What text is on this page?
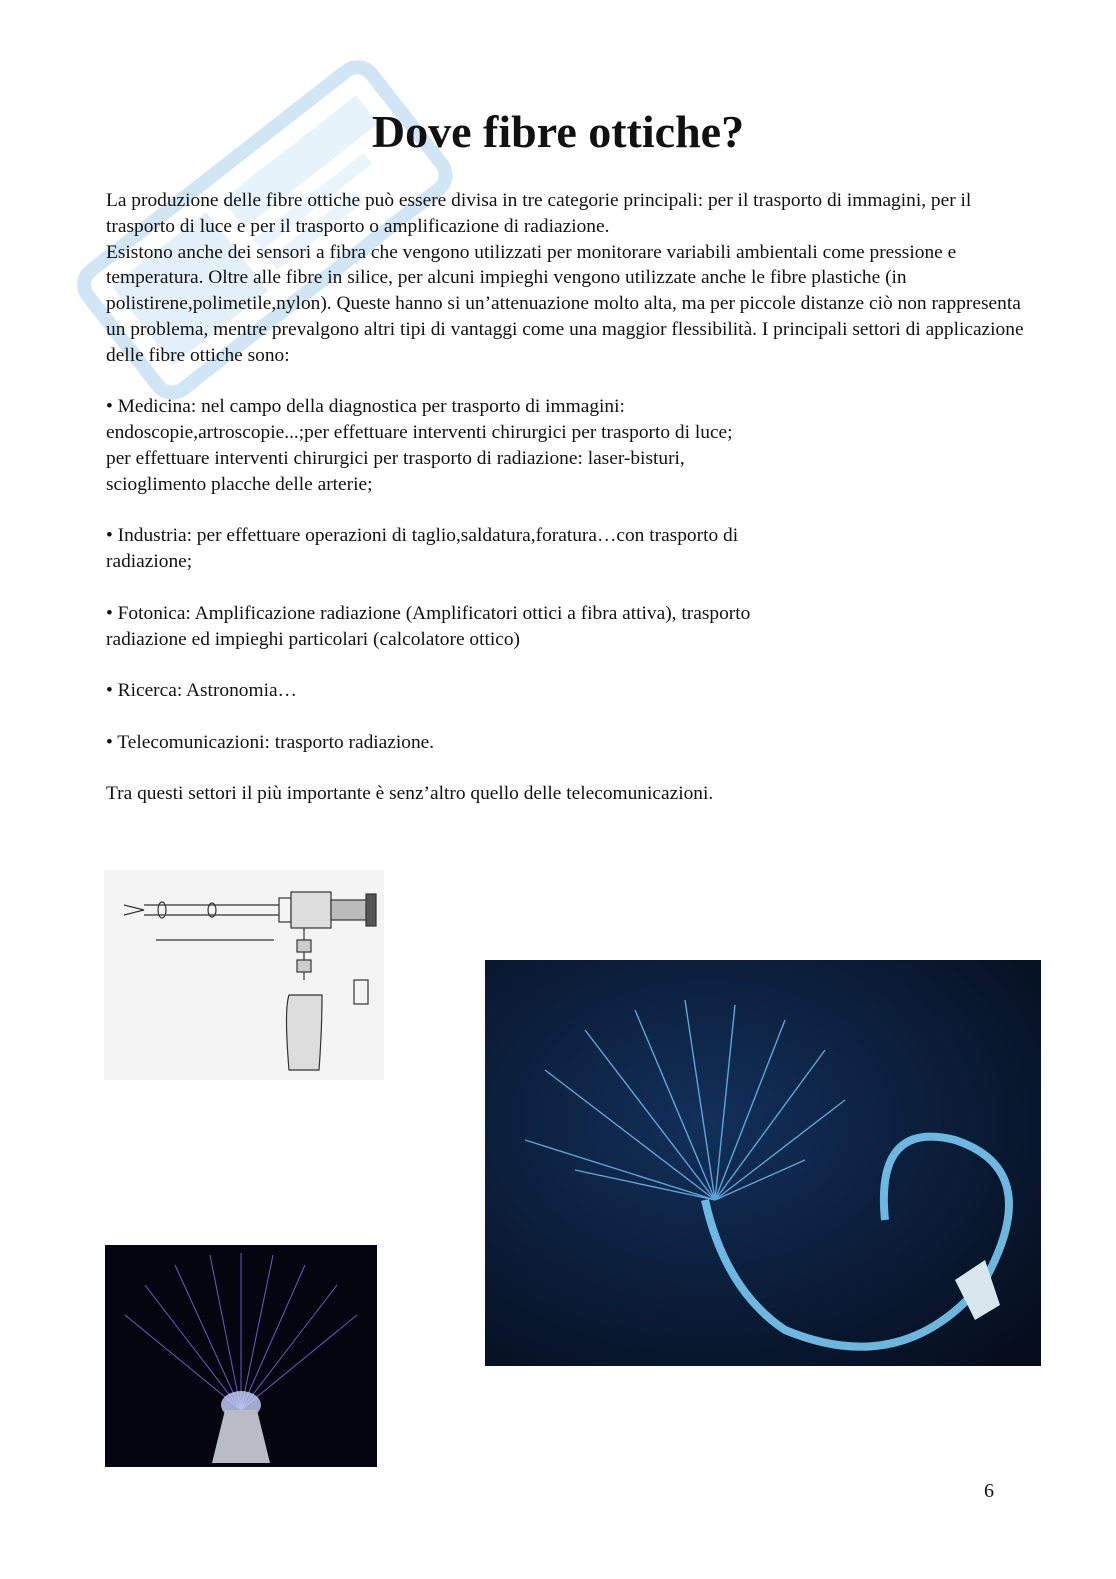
Dove fibre ottiche?

La produzione delle fibre ottiche può essere divisa in tre categorie principali: per il trasporto di immagini, per il trasporto di luce e per il trasporto o amplificazione di radiazione.
Esistono anche dei sensori a fibra che vengono utilizzati per monitorare variabili ambientali come pressione e temperatura. Oltre alle fibre in silice, per alcuni impieghi vengono utilizzate anche le fibre plastiche (in polistirene,polimetile,nylon). Queste hanno si un’attenuazione molto alta, ma per piccole distanze ciò non rappresenta un problema, mentre prevalgono altri tipi di vantaggi come una maggior flessibilità. I principali settori di applicazione delle fibre ottiche sono:

• Medicina: nel campo della diagnostica per trasporto di immagini:
endoscopie,artroscopie...;per effettuare interventi chirurgici per trasporto di luce;
per effettuare interventi chirurgici per trasporto di radiazione: laser-bisturi,
scioglimento placche delle arterie;

• Industria: per effettuare operazioni di taglio,saldatura,foratura…con trasporto di
radiazione;

• Fotonica: Amplificazione radiazione (Amplificatori ottici a fibra attiva), trasporto
radiazione ed impieghi particolari (calcolatore ottico)

• Ricerca: Astronomia…

• Telecomunicazioni: trasporto radiazione.

Tra questi settori il più importante è senz’altro quello delle telecomunicazioni.

6
